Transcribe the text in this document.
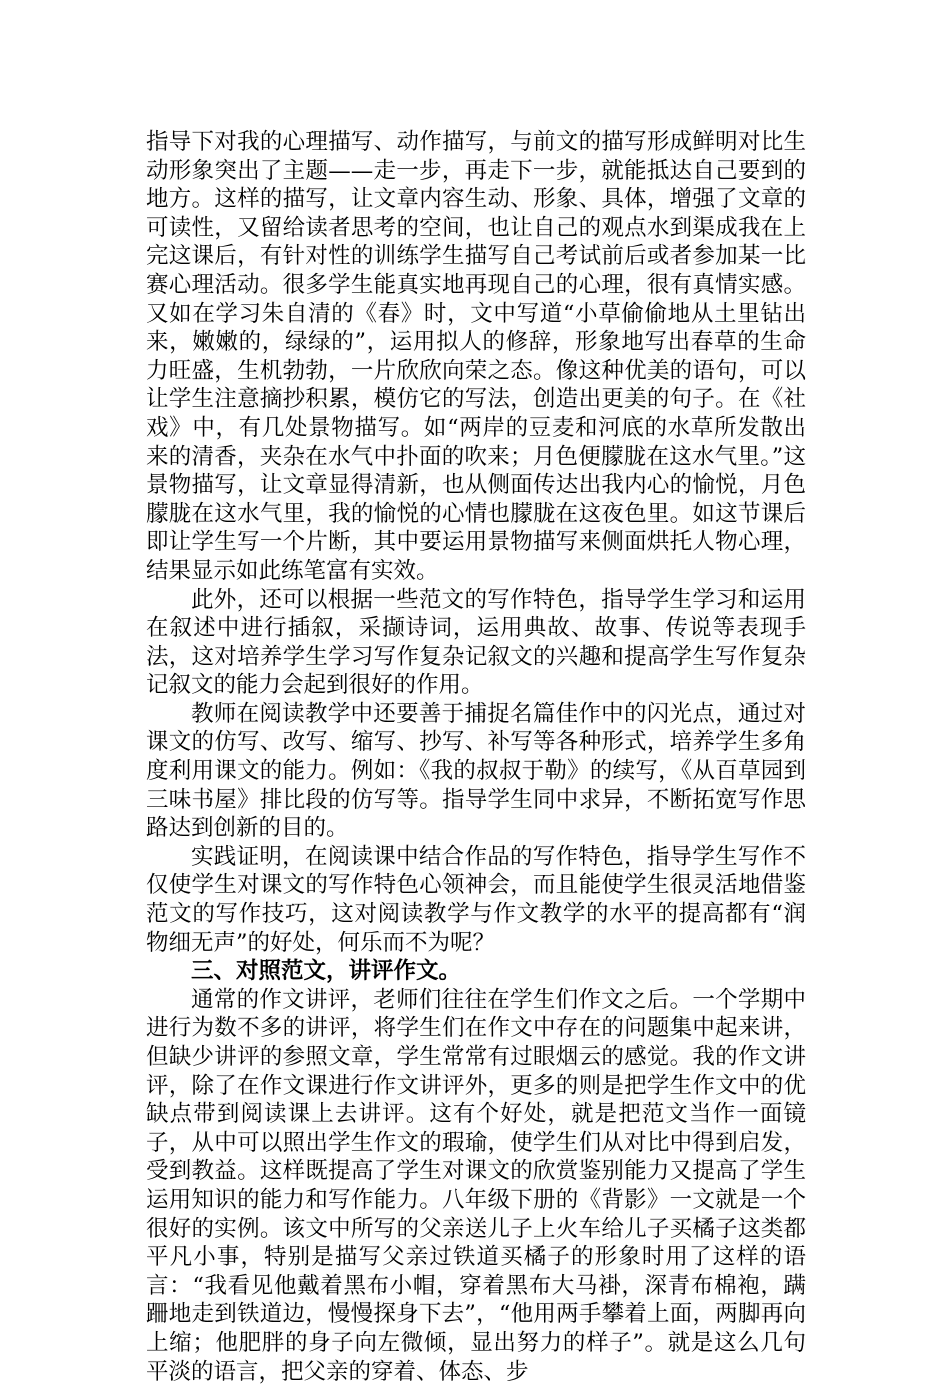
指导下对我的心理描写、动作描写，与前文的描写形成鲜明对比生动形象突出了主题——走一步，再走下一步，就能抵达自己要到的地方。这样的描写，让文章内容生动、形象、具体，增强了文章的可读性，又留给读者思考的空间，也让自己的观点水到渠成我在上完这课后，有针对性的训练学生描写自己考试前后或者参加某一比赛心理活动。很多学生能真实地再现自己的心理，很有真情实感。又如在学习朱自清的《春》时，文中写道“小草偷偷地从土里钻出来，嫩嫩的，绿绿的”，运用拟人的修辞，形象地写出春草的生命力旺盛，生机勃勃，一片欣欣向荣之态。像这种优美的语句，可以让学生注意摘抄积累，模仿它的写法，创造出更美的句子。在《社戏》中，有几处景物描写。如“两岸的豆麦和河底的水草所发散出来的清香，夹杂在水气中扑面的吹来；月色便朦胧在这水气里。”这景物描写，让文章显得清新，也从侧面传达出我内心的愉悦，月色朦胧在这水气里，我的愉悦的心情也朦胧在这夜色里。如这节课后即让学生写一个片断，其中要运用景物描写来侧面烘托人物心理，结果显示如此练笔富有实效。

此外，还可以根据一些范文的写作特色，指导学生学习和运用在叙述中进行插叙，采撷诗词，运用典故、故事、传说等表现手法，这对培养学生学习写作复杂记叙文的兴趣和提高学生写作复杂记叙文的能力会起到很好的作用。

教师在阅读教学中还要善于捕捉名篇佳作中的闪光点，通过对课文的仿写、改写、缩写、抄写、补写等各种形式，培养学生多角度利用课文的能力。例如：《我的叔叔于勒》的续写，《从百草园到三味书屋》排比段的仿写等。指导学生同中求异，不断拓宽写作思路达到创新的目的。

实践证明，在阅读课中结合作品的写作特色，指导学生写作不仅使学生对课文的写作特色心领神会，而且能使学生很灵活地借鉴范文的写作技巧，这对阅读教学与作文教学的水平的提高都有“润物细无声”的好处，何乐而不为呢？

三、对照范文，讲评作文。

通常的作文讲评，老师们往往在学生们作文之后。一个学期中进行为数不多的讲评，将学生们在作文中存在的问题集中起来讲，但缺少讲评的参照文章，学生常常有过眼烟云的感觉。我的作文讲评，除了在作文课进行作文讲评外，更多的则是把学生作文中的优缺点带到阅读课上去讲评。这有个好处，就是把范文当作一面镜子，从中可以照出学生作文的瑕瑜，使学生们从对比中得到启发，受到教益。这样既提高了学生对课文的欣赏鉴别能力又提高了学生运用知识的能力和写作能力。八年级下册的《背影》一文就是一个很好的实例。该文中所写的父亲送儿子上火车给儿子买橘子这类都平凡小事，特别是描写父亲过铁道买橘子的形象时用了这样的语言：“我看见他戴着黑布小帽，穿着黑布大马褂，深青布棉袍，蹒跚地走到铁道边，慢慢探身下去”，“他用两手攀着上面，两脚再向上缩；他肥胖的身子向左微倾，显出努力的样子”。就是这么几句平淡的语言，把父亲的穿着、体态、步
